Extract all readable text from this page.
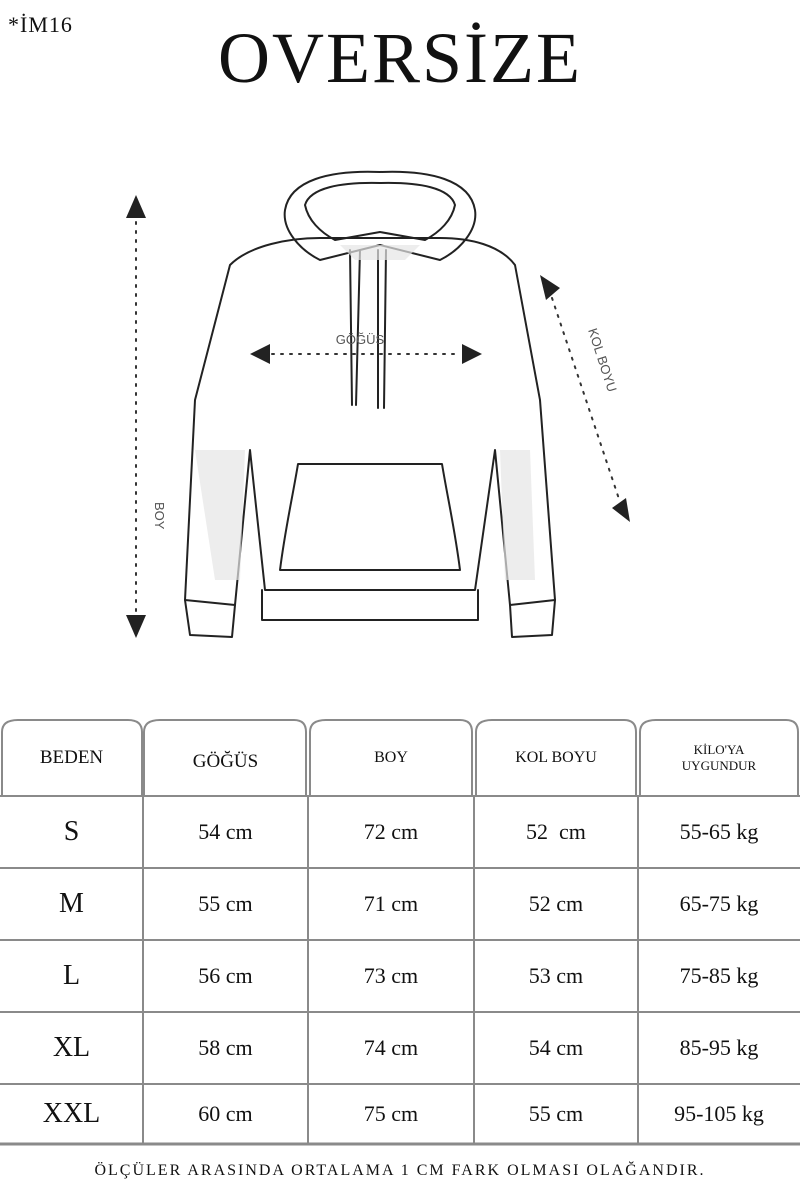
*İM16	OVERSİZE
BOY
GÖĞÜS	KOL BOYU
BEDEN	GÖĞÜS	BOY	KOL BOYU	KİLO'YA
UYGUNDUR
S	54 cm	72 cm	52  cm	55-65 kg
M	55 cm	71 cm	52 cm	65-75 kg
L	56 cm	73 cm	53 cm	75-85 kg
XL	58 cm	74 cm	54 cm	85-95 kg
XXL	60 cm	75 cm	55 cm	95-105 kg
ÖLÇÜLER ARASINDA ORTALAMA 1 CM FARK OLMASI OLAĞANDIR.
